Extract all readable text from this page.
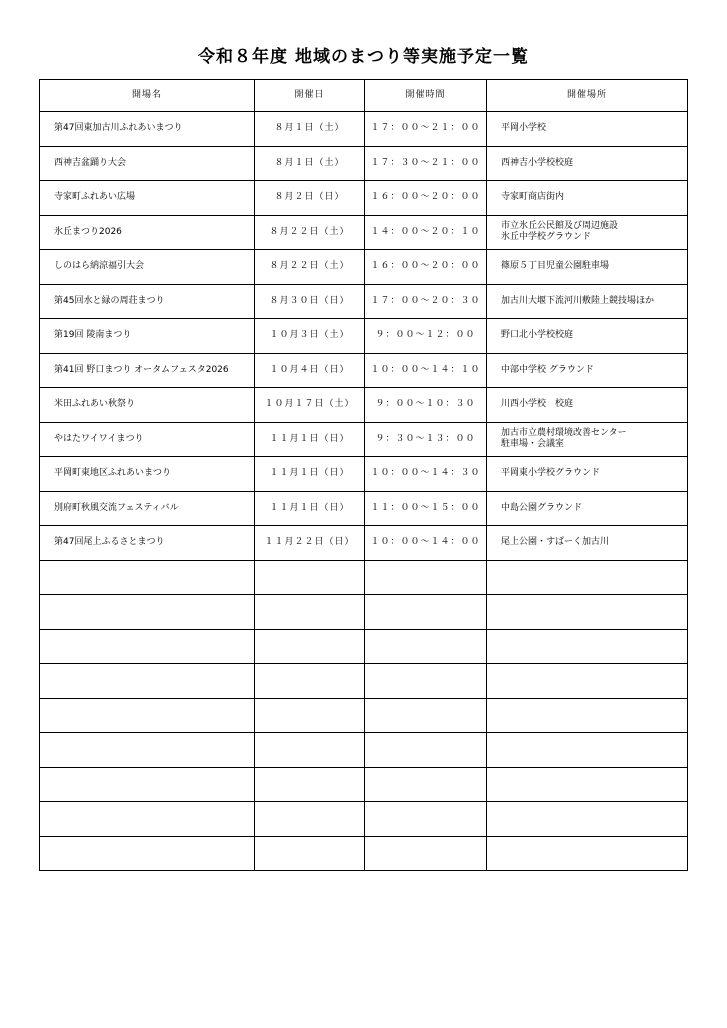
令和８年度 地域のまつり等実施予定一覧
開場名	開催日	開催時間	開催場所
第47回東加古川ふれあいまつり	８月１日（土）	１７：００〜２１：００	平岡小学校
西神吉盆踊り大会	８月１日（土）	１７：３０〜２１：００	西神吉小学校校庭
寺家町ふれあい広場	８月２日（日）	１６：００〜２０：００	寺家町商店街内
氷丘まつり2026	８月２２日（土）	１４：００〜２０：１０	市立氷丘公民館及び周辺施設
氷丘中学校グラウンド
しのはら納涼福引大会	８月２２日（土）	１６：００〜２０：００	篠原５丁目児童公園駐車場
第45回水と緑の周荘まつり	８月３０日（日）	１７：００〜２０：３０	加古川大堰下流河川敷陸上競技場ほか
第19回 陵南まつり	１０月３日（土）	９：００〜１２：００	野口北小学校校庭
第41回 野口まつり オータムフェスタ2026	１０月４日（日）	１０：００〜１４：１０	中部中学校 グラウンド
米田ふれあい秋祭り	１０月１７日（土）	９：００〜１０：３０	川西小学校　校庭
やはたワイワイまつり	１１月１日（日）	９：３０〜１３：００	加古市立農村環境改善センター
駐車場・会議室
平岡町東地区ふれあいまつり	１１月１日（日）	１０：００〜１４：３０	平岡東小学校グラウンド
別府町秋風交流フェスティバル	１１月１日（日）	１１：００〜１５：００	中島公園グラウンド
第47回尾上ふるさとまつり	１１月２２日（日）	１０：００〜１４：００	尾上公園・すぱーく加古川
